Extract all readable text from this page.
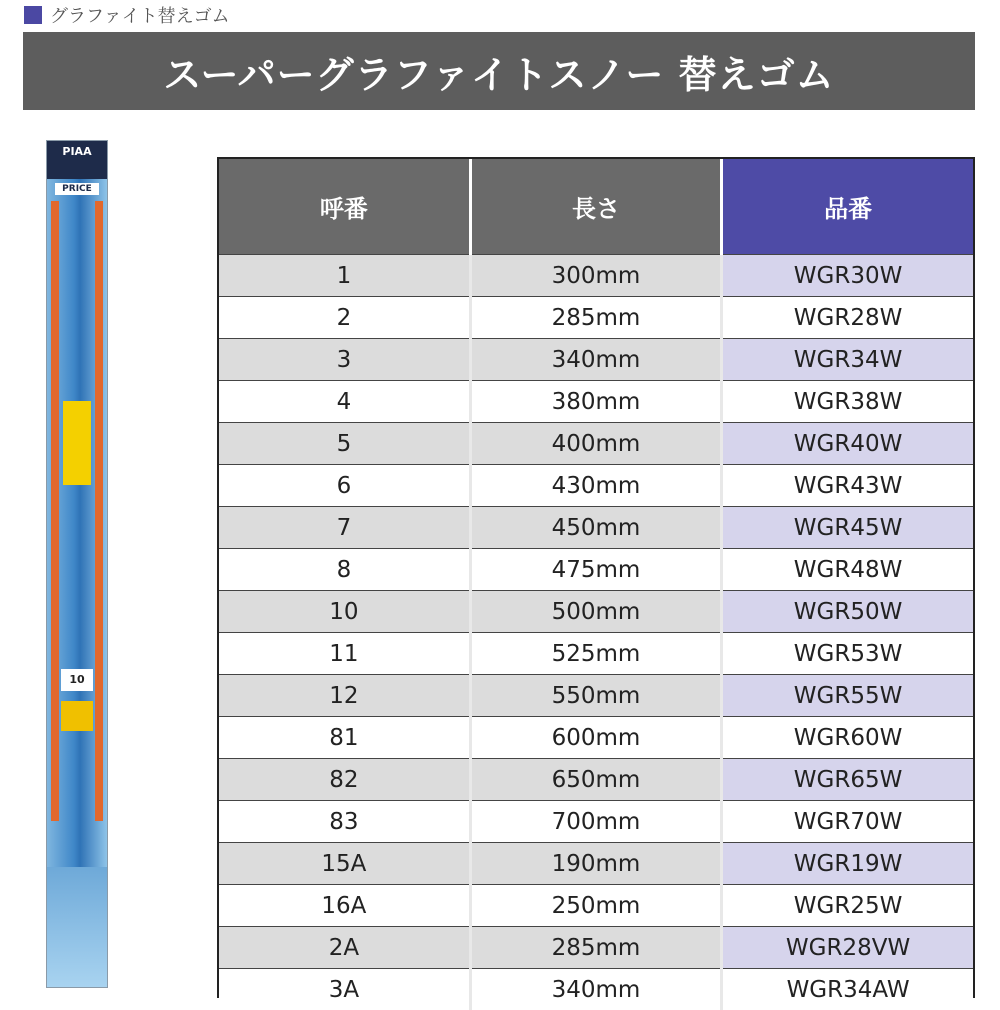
グラファイト替えゴム
スーパーグラファイトスノー 替えゴム
PIAA
PRICE
10
呼番	長さ	品番
1	300mm	WGR30W
2	285mm	WGR28W
3	340mm	WGR34W
4	380mm	WGR38W
5	400mm	WGR40W
6	430mm	WGR43W
7	450mm	WGR45W
8	475mm	WGR48W
10	500mm	WGR50W
11	525mm	WGR53W
12	550mm	WGR55W
81	600mm	WGR60W
82	650mm	WGR65W
83	700mm	WGR70W
15A	190mm	WGR19W
16A	250mm	WGR25W
2A	285mm	WGR28VW
3A	340mm	WGR34AW
